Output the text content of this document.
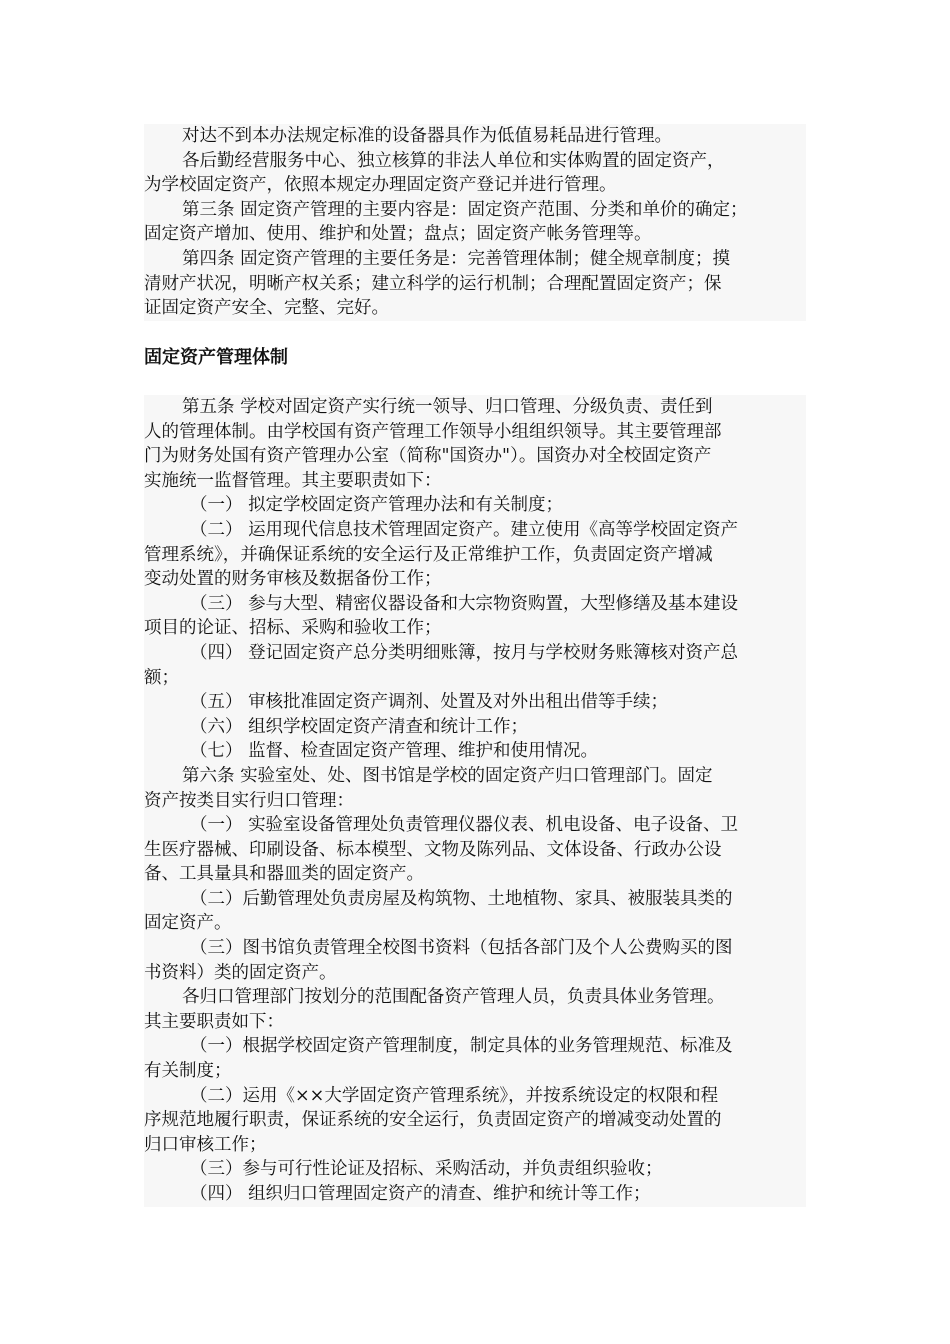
对达不到本办法规定标准的设备器具作为低值易耗品进行管理。

各后勤经营服务中心、独立核算的非法人单位和实体购置的固定资产，

为学校固定资产，依照本规定办理固定资产登记并进行管理。

第三条 固定资产管理的主要内容是：固定资产范围、分类和单价的确定；

固定资产增加、使用、维护和处置；盘点；固定资产帐务管理等。

第四条 固定资产管理的主要任务是：完善管理体制；健全规章制度；摸

清财产状况，明晰产权关系；建立科学的运行机制；合理配置固定资产；保

证固定资产安全、完整、完好。

固定资产管理体制

第五条 学校对固定资产实行统一领导、归口管理、分级负责、责任到

人的管理体制。由学校国有资产管理工作领导小组组织领导。其主要管理部

门为财务处国有资产管理办公室（简称"国资办"）。国资办对全校固定资产

实施统一监督管理。其主要职责如下：

（一） 拟定学校固定资产管理办法和有关制度；

（二） 运用现代信息技术管理固定资产。建立使用《高等学校固定资产

管理系统》，并确保证系统的安全运行及正常维护工作，负责固定资产增减

变动处置的财务审核及数据备份工作；

（三） 参与大型、精密仪器设备和大宗物资购置，大型修缮及基本建设

项目的论证、招标、采购和验收工作；

（四） 登记固定资产总分类明细账簿，按月与学校财务账簿核对资产总

额；

（五） 审核批准固定资产调剂、处置及对外出租出借等手续；

（六） 组织学校固定资产清查和统计工作；

（七） 监督、检查固定资产管理、维护和使用情况。

第六条 实验室处、处、图书馆是学校的固定资产归口管理部门。固定

资产按类目实行归口管理：

（一） 实验室设备管理处负责管理仪器仪表、机电设备、电子设备、卫

生医疗器械、印刷设备、标本模型、文物及陈列品、文体设备、行政办公设

备、工具量具和器皿类的固定资产。

（二）后勤管理处负责房屋及构筑物、土地植物、家具、被服装具类的

固定资产。

（三）图书馆负责管理全校图书资料（包括各部门及个人公费购买的图

书资料）类的固定资产。

各归口管理部门按划分的范围配备资产管理人员，负责具体业务管理。

其主要职责如下：

（一）根据学校固定资产管理制度，制定具体的业务管理规范、标准及

有关制度；

（二）运用《××大学固定资产管理系统》，并按系统设定的权限和程

序规范地履行职责，保证系统的安全运行，负责固定资产的增减变动处置的

归口审核工作；

（三）参与可行性论证及招标、采购活动，并负责组织验收；

（四） 组织归口管理固定资产的清查、维护和统计等工作；
